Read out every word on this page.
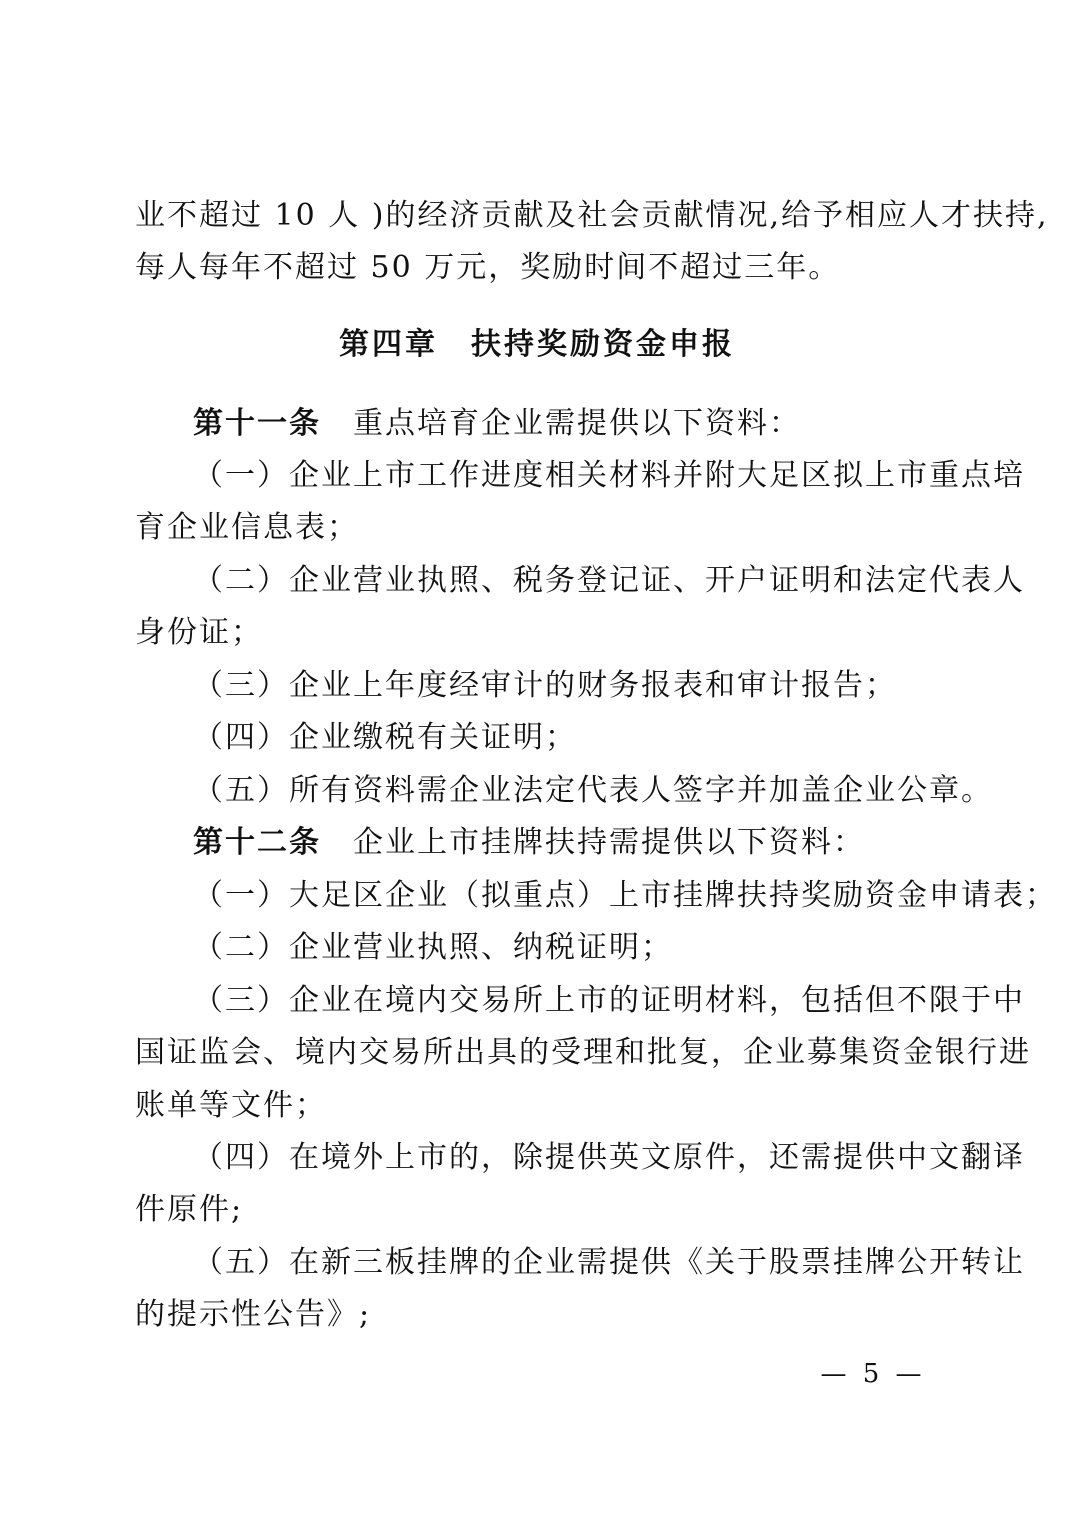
业不超过 10 人 )的经济贡献及社会贡献情况,给予相应人才扶持,
每人每年不超过 50 万元，奖励时间不超过三年。
第四章　扶持奖励资金申报
第十一条 重点培育企业需提供以下资料：
（一）企业上市工作进度相关材料并附大足区拟上市重点培
育企业信息表；
（二）企业营业执照、税务登记证、开户证明和法定代表人
身份证；
（三）企业上年度经审计的财务报表和审计报告；
（四）企业缴税有关证明；
（五）所有资料需企业法定代表人签字并加盖企业公章。
第十二条 企业上市挂牌扶持需提供以下资料：
（一）大足区企业（拟重点）上市挂牌扶持奖励资金申请表；
（二）企业营业执照、纳税证明；
（三）企业在境内交易所上市的证明材料，包括但不限于中
国证监会、境内交易所出具的受理和批复，企业募集资金银行进
账单等文件；
（四）在境外上市的，除提供英文原件，还需提供中文翻译
件原件;
（五）在新三板挂牌的企业需提供《关于股票挂牌公开转让
的提示性公告》;
— 5 —
